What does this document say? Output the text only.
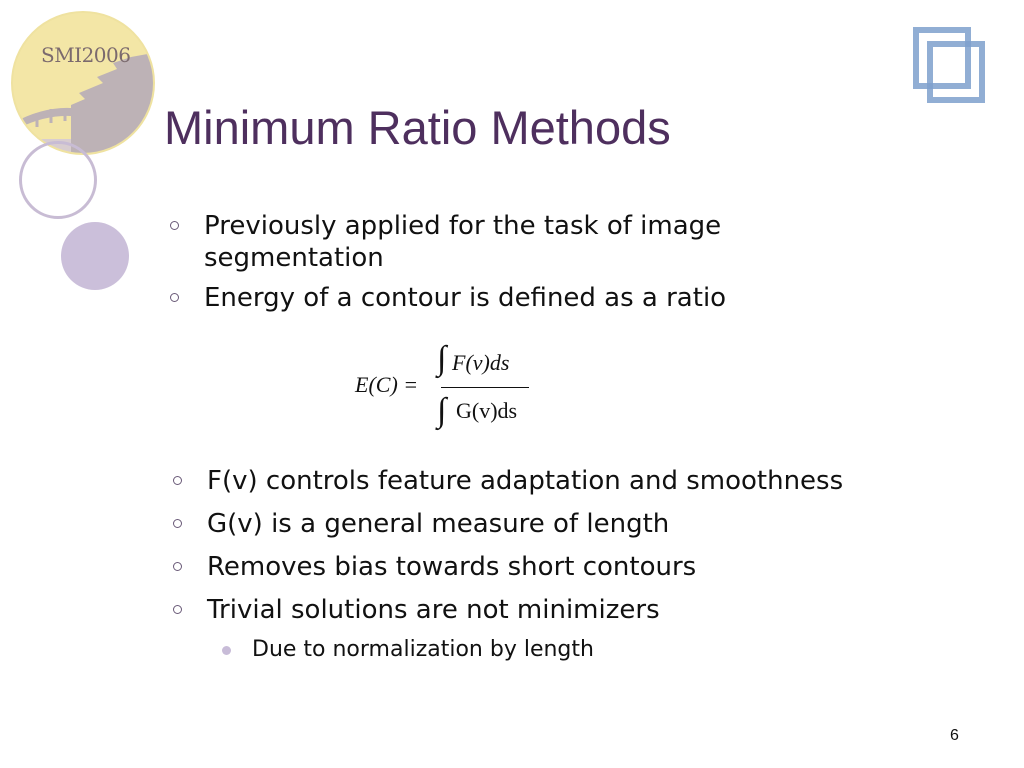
SMI2006
Minimum Ratio Methods
Previously applied for the task of image segmentation
Energy of a contour is defined as a ratio
E(C) =
∫ F(v)ds
∫ G(v)ds
F(v) controls feature adaptation and smoothness
G(v) is a general measure of length
Removes bias towards short contours
Trivial solutions are not minimizers
Due to normalization by length
6
